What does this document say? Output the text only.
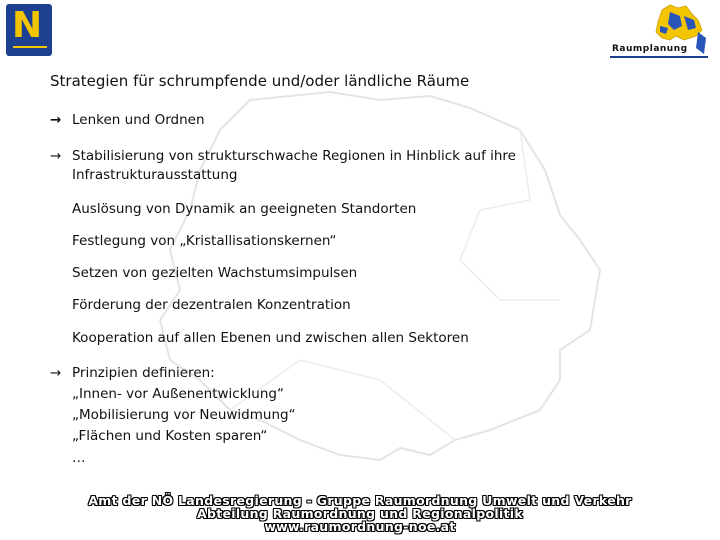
N
Raumplanung
Strategien für schrumpfende und/oder ländliche Räume
→ Lenken und Ordnen
→ Stabilisierung von strukturschwache Regionen in Hinblick auf ihre
Infrastrukturausstattung
Auslösung von Dynamik an geeigneten Standorten
Festlegung von „Kristallisationskernen“
Setzen von gezielten Wachstumsimpulsen
Förderung der dezentralen Konzentration
Kooperation auf allen Ebenen und zwischen allen Sektoren
→ Prinzipien definieren:
„Innen- vor Außenentwicklung“
„Mobilisierung vor Neuwidmung“
„Flächen und Kosten sparen“
…
Amt der NÖ Landesregierung - Gruppe Raumordnung Umwelt und Verkehr
Abteilung Raumordnung und Regionalpolitik
www.raumordnung-noe.at
